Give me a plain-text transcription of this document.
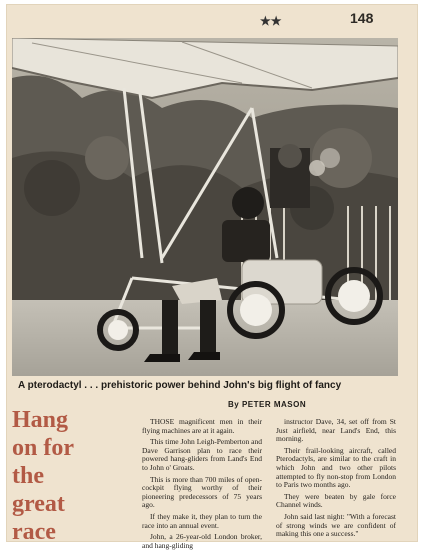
★★	148
A pterodactyl . . . prehistoric power behind John's big flight of fancy
By PETER MASON
Hang
on for
the
great
race

THOSE magnificent men in their flying machines are at it again.

This time John Leigh-Pemberton and Dave Garrison plan to race their powered hang-gliders from Land's End to John o' Groats.

This is more than 700 miles of open-cockpit flying worthy of their pioneering predecessors of 75 years ago.

If they make it, they plan to turn the race into an annual event.

John, a 26-year-old London broker, and hang-gliding

instructor Dave, 34, set off from St Just airfield, near Land's End, this morning.

Their frail-looking aircraft, called Pterodactyls, are similar to the craft in which John and two other pilots attempted to fly non-stop from London to Paris two months ago.

They were beaten by gale force Channel winds.

John said last night: "With a forecast of strong winds we are confident of making this one a success."
